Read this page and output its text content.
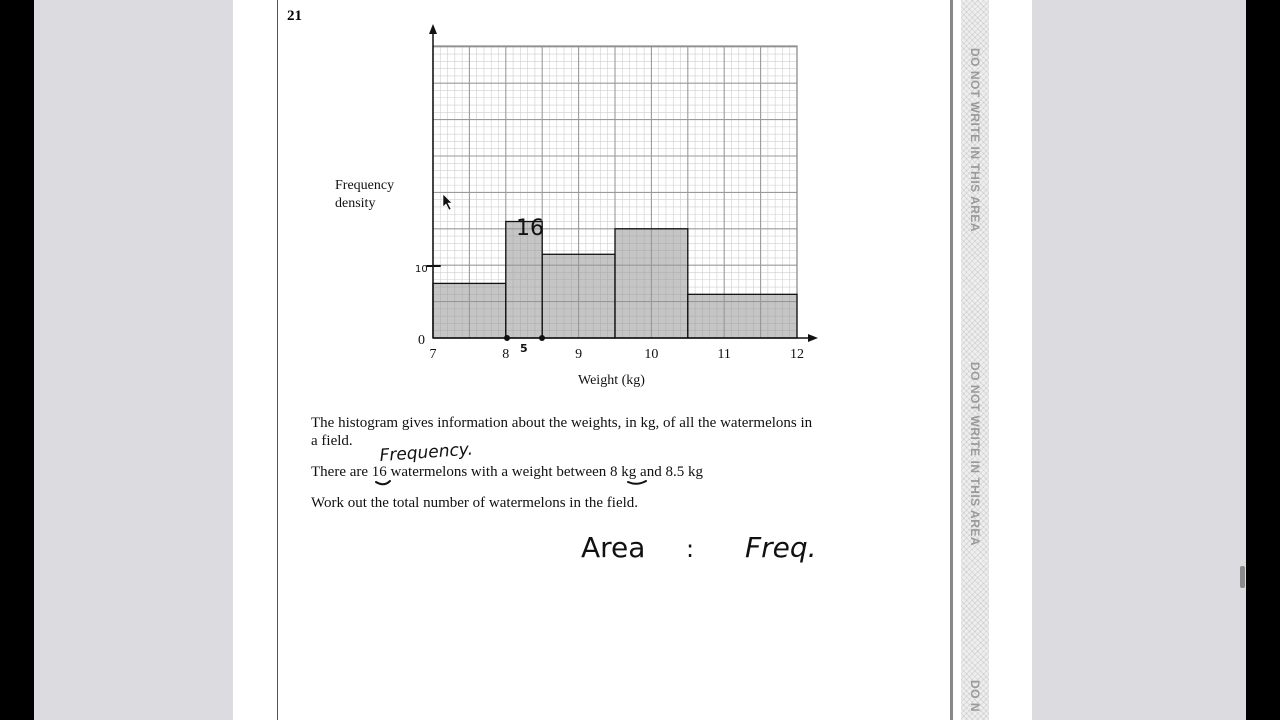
DO NOT WRITE IN THIS AREA
DO NOT WRITE IN THIS AREA
DO N
21
7	8	9	10	11	12
Frequency
density
Weight (kg)
0
16
10
5
Frequency.
Area : Freq.
The histogram gives information about the weights, in kg, of all the watermelons in
a field.
There are 16 watermelons with a weight between 8 kg and 8.5 kg
Work out the total number of watermelons in the field.
